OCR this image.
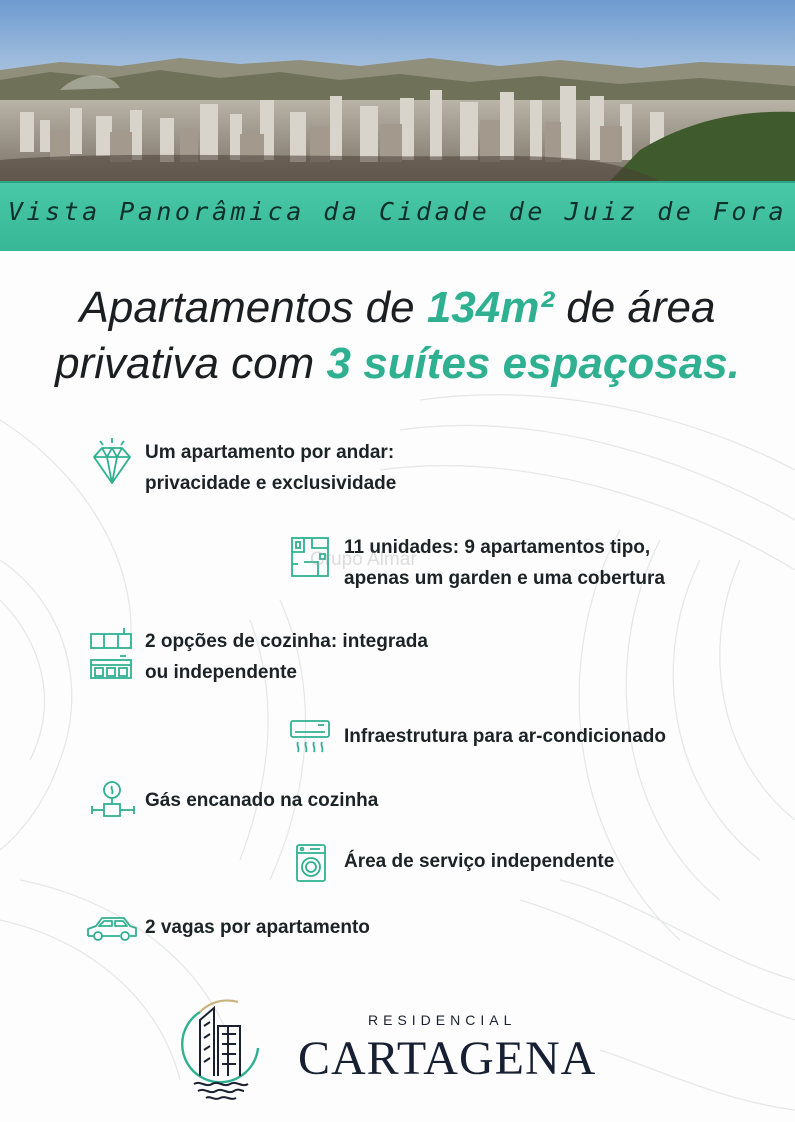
Vista Panorâmica da Cidade de Juiz de Fora
Apartamentos de 134m² de área
privativa com 3 suítes espaçosas.
Um apartamento por andar:
privacidade e exclusividade
11 unidades: 9 apartamentos tipo,
apenas um garden e uma cobertura
Grupo Almar
2 opções de cozinha: integrada
ou independente
Infraestrutura para ar-condicionado
Gás encanado na cozinha
Área de serviço independente
2 vagas por apartamento
RESIDENCIAL
CARTAGENA
